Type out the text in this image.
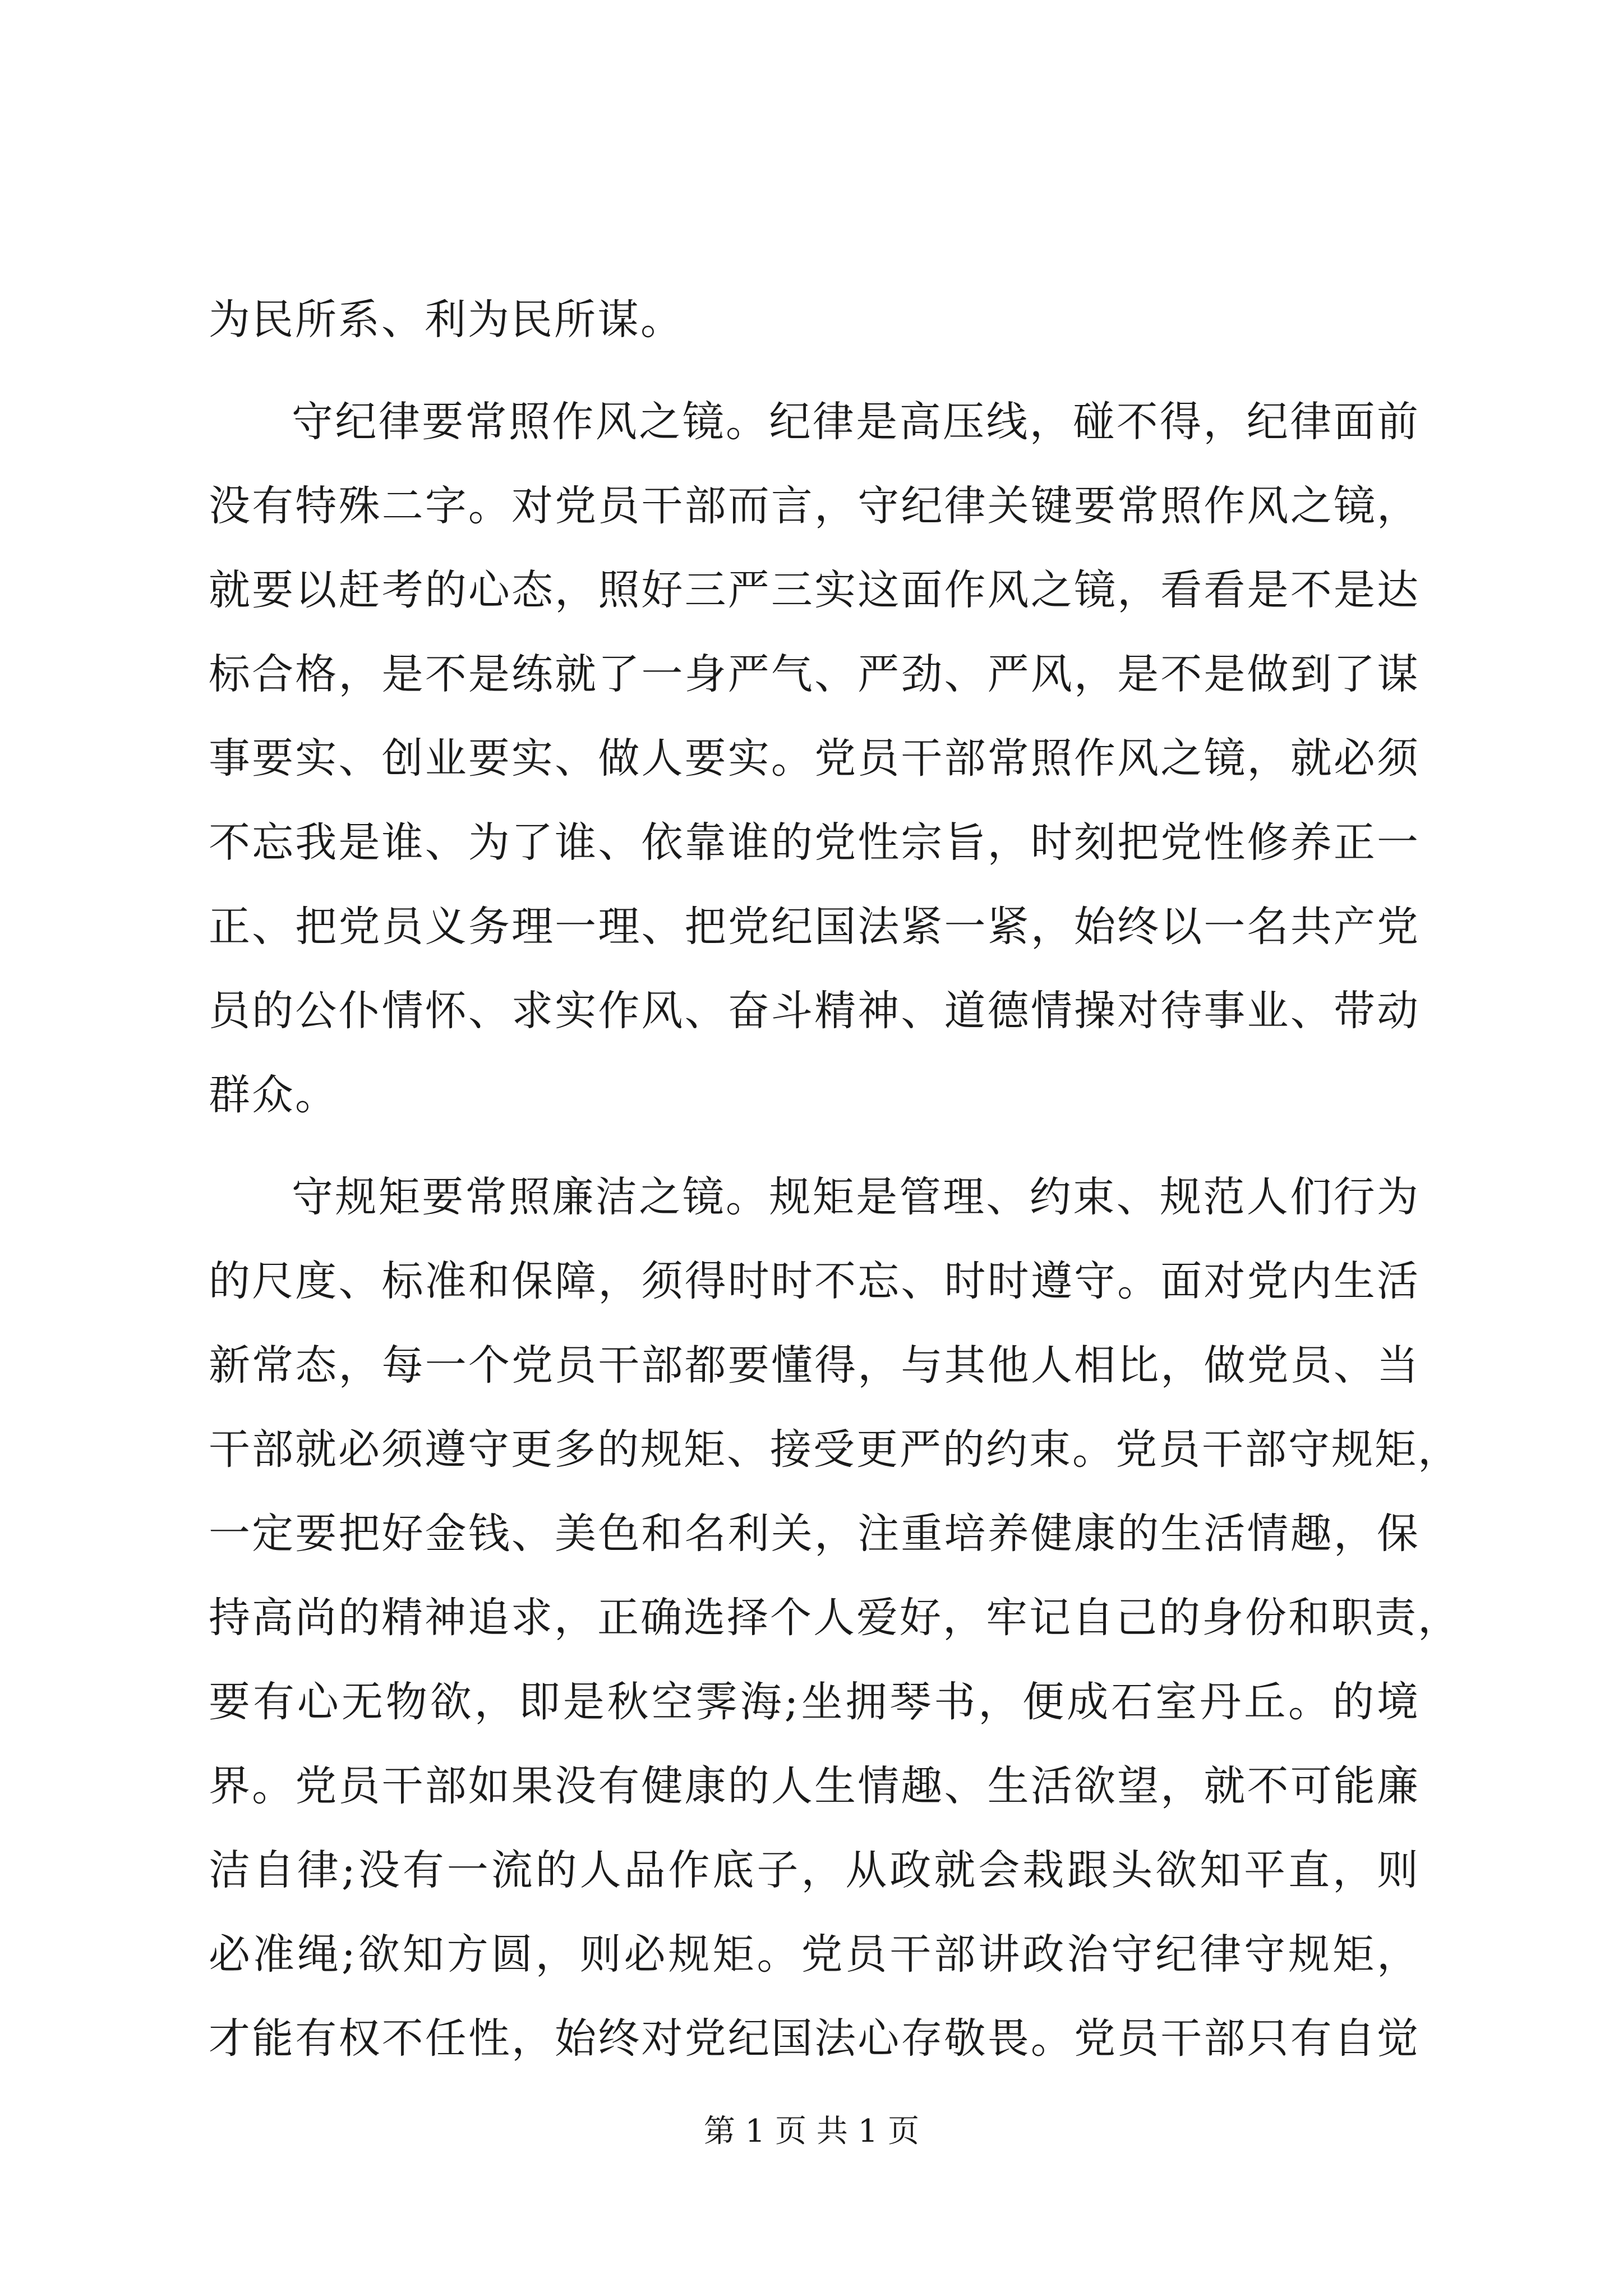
为民所系、利为民所谋。
守纪律要常照作风之镜。纪律是高压线，碰不得，纪律面前
没有特殊二字。对党员干部而言，守纪律关键要常照作风之镜，
就要以赶考的心态，照好三严三实这面作风之镜，看看是不是达
标合格，是不是练就了一身严气、严劲、严风，是不是做到了谋
事要实、创业要实、做人要实。党员干部常照作风之镜，就必须
不忘我是谁、为了谁、依靠谁的党性宗旨，时刻把党性修养正一
正、把党员义务理一理、把党纪国法紧一紧，始终以一名共产党
员的公仆情怀、求实作风、奋斗精神、道德情操对待事业、带动
群众。
守规矩要常照廉洁之镜。规矩是管理、约束、规范人们行为
的尺度、标准和保障，须得时时不忘、时时遵守。面对党内生活
新常态，每一个党员干部都要懂得，与其他人相比，做党员、当
干部就必须遵守更多的规矩、接受更严的约束。党员干部守规矩，
一定要把好金钱、美色和名利关，注重培养健康的生活情趣，保
持高尚的精神追求，正确选择个人爱好，牢记自己的身份和职责，
要有心无物欲，即是秋空霁海;坐拥琴书，便成石室丹丘。的境
界。党员干部如果没有健康的人生情趣、生活欲望，就不可能廉
洁自律;没有一流的人品作底子，从政就会栽跟头欲知平直，则
必准绳;欲知方圆，则必规矩。党员干部讲政治守纪律守规矩，
才能有权不任性，始终对党纪国法心存敬畏。党员干部只有自觉
第 1 页 共 1 页
